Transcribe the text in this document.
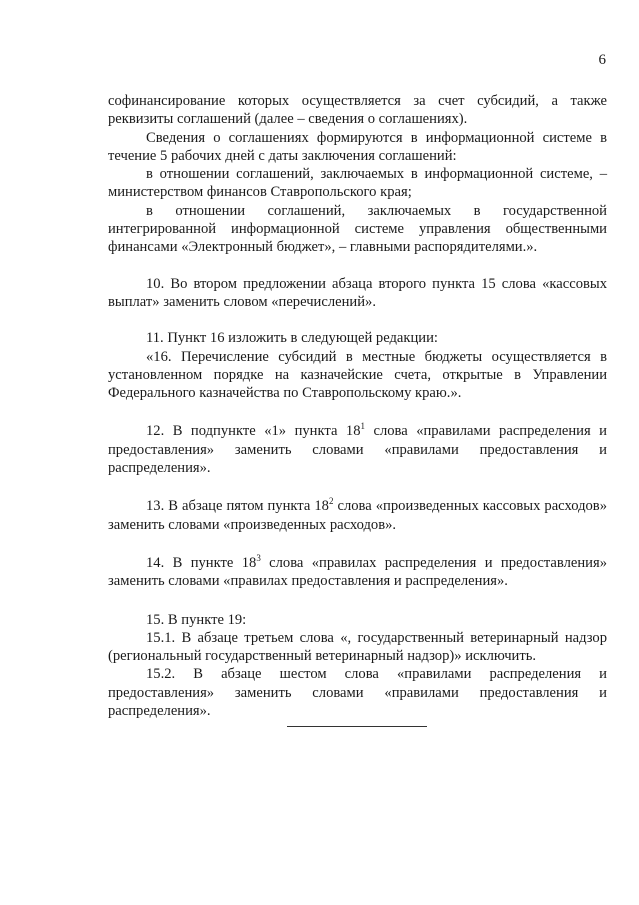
6

софинансирование которых осуществляется за счет субсидий, а также реквизиты соглашений (далее – сведения о соглашениях).

Сведения о соглашениях формируются в информационной системе в течение 5 рабочих дней с даты заключения соглашений:

в отношении соглашений, заключаемых в информационной системе, – министерством финансов Ставропольского края;

в отношении соглашений, заключаемых в государственной интегрированной информационной системе управления общественными финансами «Электронный бюджет», – главными распорядителями.».

10. Во втором предложении абзаца второго пункта 15 слова «кассовых выплат» заменить словом «перечислений».

11. Пункт 16 изложить в следующей редакции:

«16. Перечисление субсидий в местные бюджеты осуществляется в установленном порядке на казначейские счета, открытые в Управлении Федерального казначейства по Ставропольскому краю.».

12. В подпункте «1» пункта $18^1$ слова «правилами распределения и предоставления» заменить словами «правилами предоставления и распределения».

13. В абзаце пятом пункта $18^2$ слова «произведенных кассовых расходов» заменить словами «произведенных расходов».

14. В пункте $18^3$ слова «правилах распределения и предоставления» заменить словами «правилах предоставления и распределения».

15. В пункте 19:

15.1. В абзаце третьем слова «, государственный ветеринарный надзор (региональный государственный ветеринарный надзор)» исключить.

15.2. В абзаце шестом слова «правилами распределения и предоставления» заменить словами «правилами предоставления и распределения».
